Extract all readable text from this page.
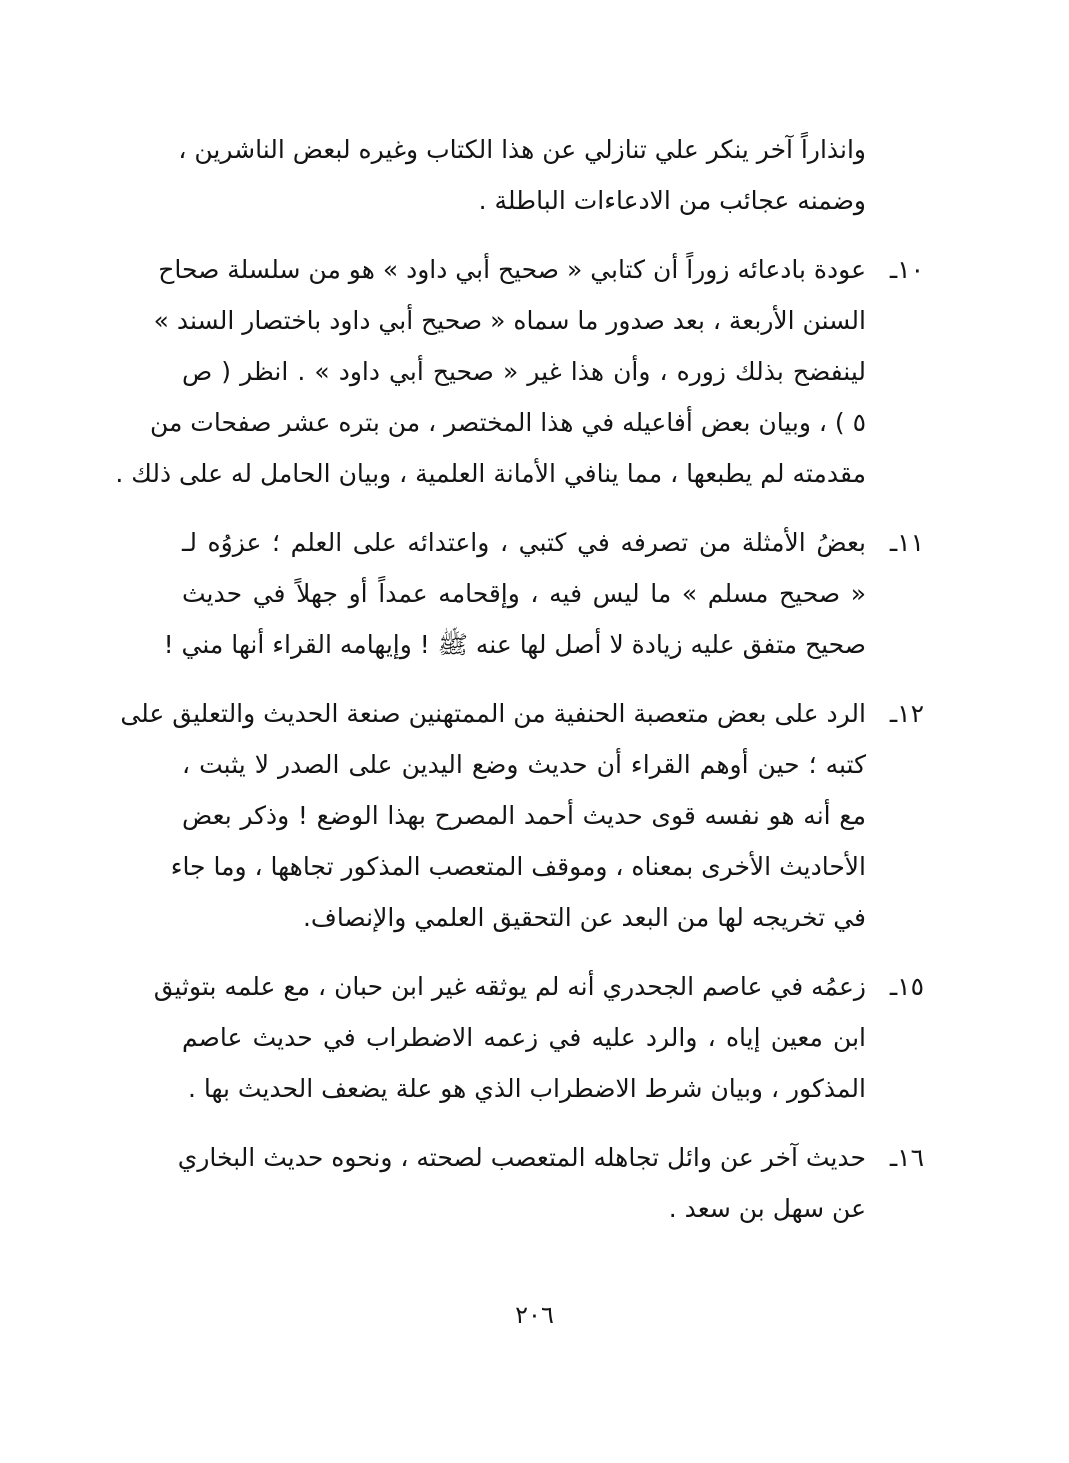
وانذاراً آخر ينكر علي تنازلي عن هذا الكتاب وغيره لبعض الناشرين ،
وضمنه عجائب من الادعاءات الباطلة .

١٠ـ
عودة بادعائه زوراً أن كتابي « صحيح أبي داود » هو من سلسلة صحاح
السنن الأربعة ، بعد صدور ما سماه « صحيح أبي داود باختصار السند »
لينفضح بذلك زوره ، وأن هذا غير « صحيح أبي داود » . انظر ( ص
٥ ) ، وبيان بعض أفاعيله في هذا المختصر ، من بتره عشر صفحات من
مقدمته لم يطبعها ، مما ينافي الأمانة العلمية ، وبيان الحامل له على ذلك .
١١ـ
بعضُ الأمثلة من تصرفه في كتبي ، واعتدائه على العلم ؛ عزوُه لـ
« صحيح مسلم » ما ليس فيه ، وإقحامه عمداً أو جهلاً في حديث
صحيح متفق عليه زيادة لا أصل لها عنه ﷺ ! وإيهامه القراء أنها مني !
١٢ـ
الرد على بعض متعصبة الحنفية من الممتهنين صنعة الحديث والتعليق على
كتبه ؛ حين أوهم القراء أن حديث وضع اليدين على الصدر لا يثبت ،
مع أنه هو نفسه قوى حديث أحمد المصرح بهذا الوضع ! وذكر بعض
الأحاديث الأخرى بمعناه ، وموقف المتعصب المذكور تجاهها ، وما جاء
في تخريجه لها من البعد عن التحقيق العلمي والإنصاف.
١٥ـ
زعمُه في عاصم الجحدري أنه لم يوثقه غير ابن حبان ، مع علمه بتوثيق
ابن معين إياه ، والرد عليه في زعمه الاضطراب في حديث عاصم
المذكور ، وبيان شرط الاضطراب الذي هو علة يضعف الحديث بها .
١٦ـ
حديث آخر عن وائل تجاهله المتعصب لصحته ، ونحوه حديث البخاري
عن سهل بن سعد .
٢٠٦
